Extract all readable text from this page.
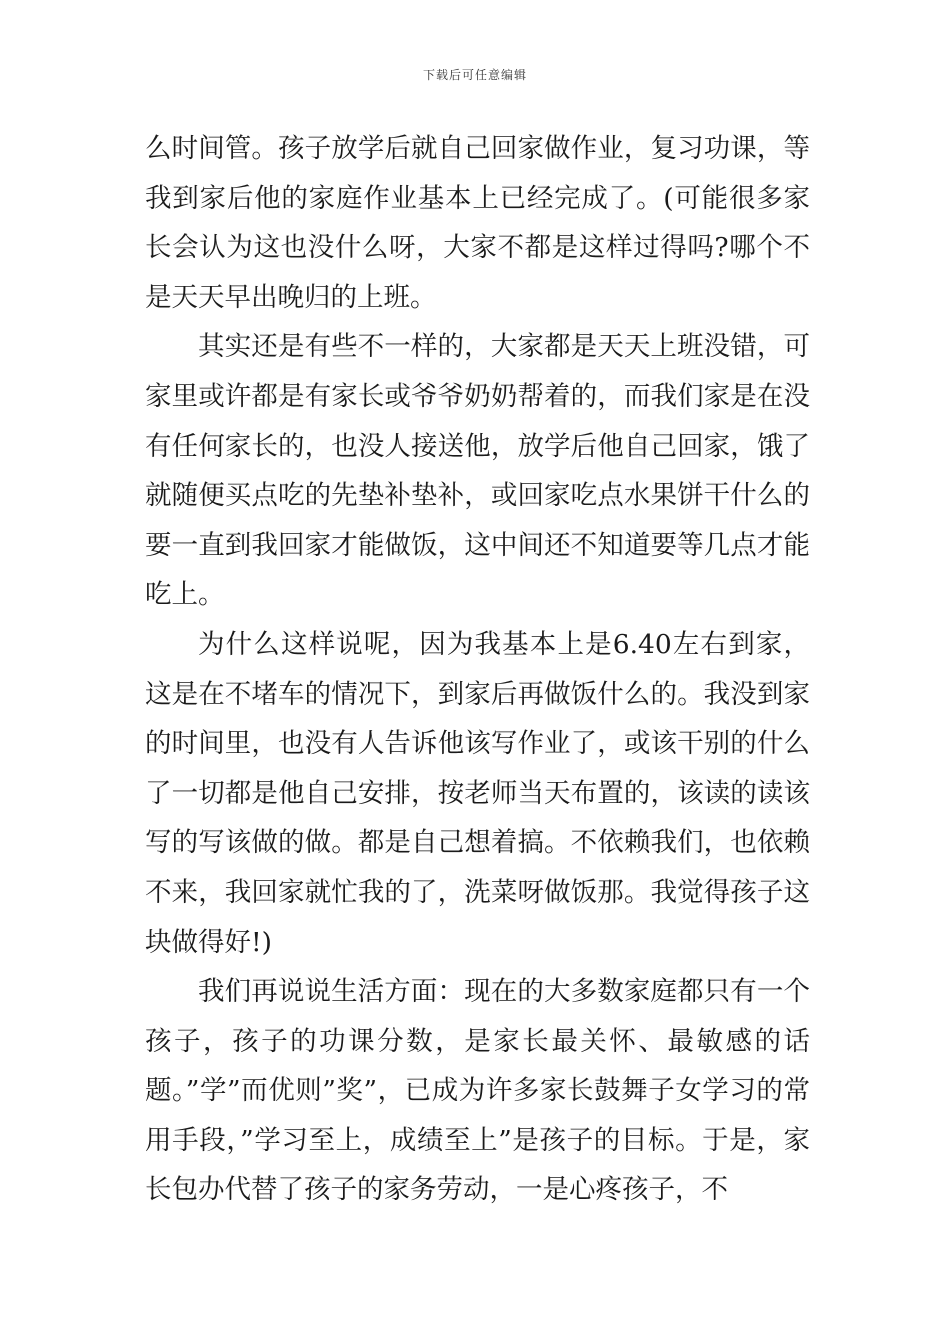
下载后可任意编辑

么时间管。孩子放学后就自己回家做作业，复习功课，等我到家后他的家庭作业基本上已经完成了。(可能很多家长会认为这也没什么呀，大家不都是这样过得吗?哪个不是天天早出晚归的上班。

其实还是有些不一样的，大家都是天天上班没错，可家里或许都是有家长或爷爷奶奶帮着的，而我们家是在没有任何家长的，也没人接送他，放学后他自己回家，饿了就随便买点吃的先垫补垫补，或回家吃点水果饼干什么的要一直到我回家才能做饭，这中间还不知道要等几点才能吃上。

为什么这样说呢，因为我基本上是6.40左右到家，这是在不堵车的情况下，到家后再做饭什么的。我没到家的时间里，也没有人告诉他该写作业了，或该干别的什么了一切都是他自己安排，按老师当天布置的，该读的读该写的写该做的做。都是自己想着搞。不依赖我们，也依赖不来，我回家就忙我的了，洗菜呀做饭那。我觉得孩子这块做得好!)

我们再说说生活方面：现在的大多数家庭都只有一个孩子，孩子的功课分数，是家长最关怀、最敏感的话题。”学”而优则”奖”，已成为许多家长鼓舞子女学习的常用手段，”学习至上，成绩至上”是孩子的目标。于是，家长包办代替了孩子的家务劳动，一是心疼孩子，不
